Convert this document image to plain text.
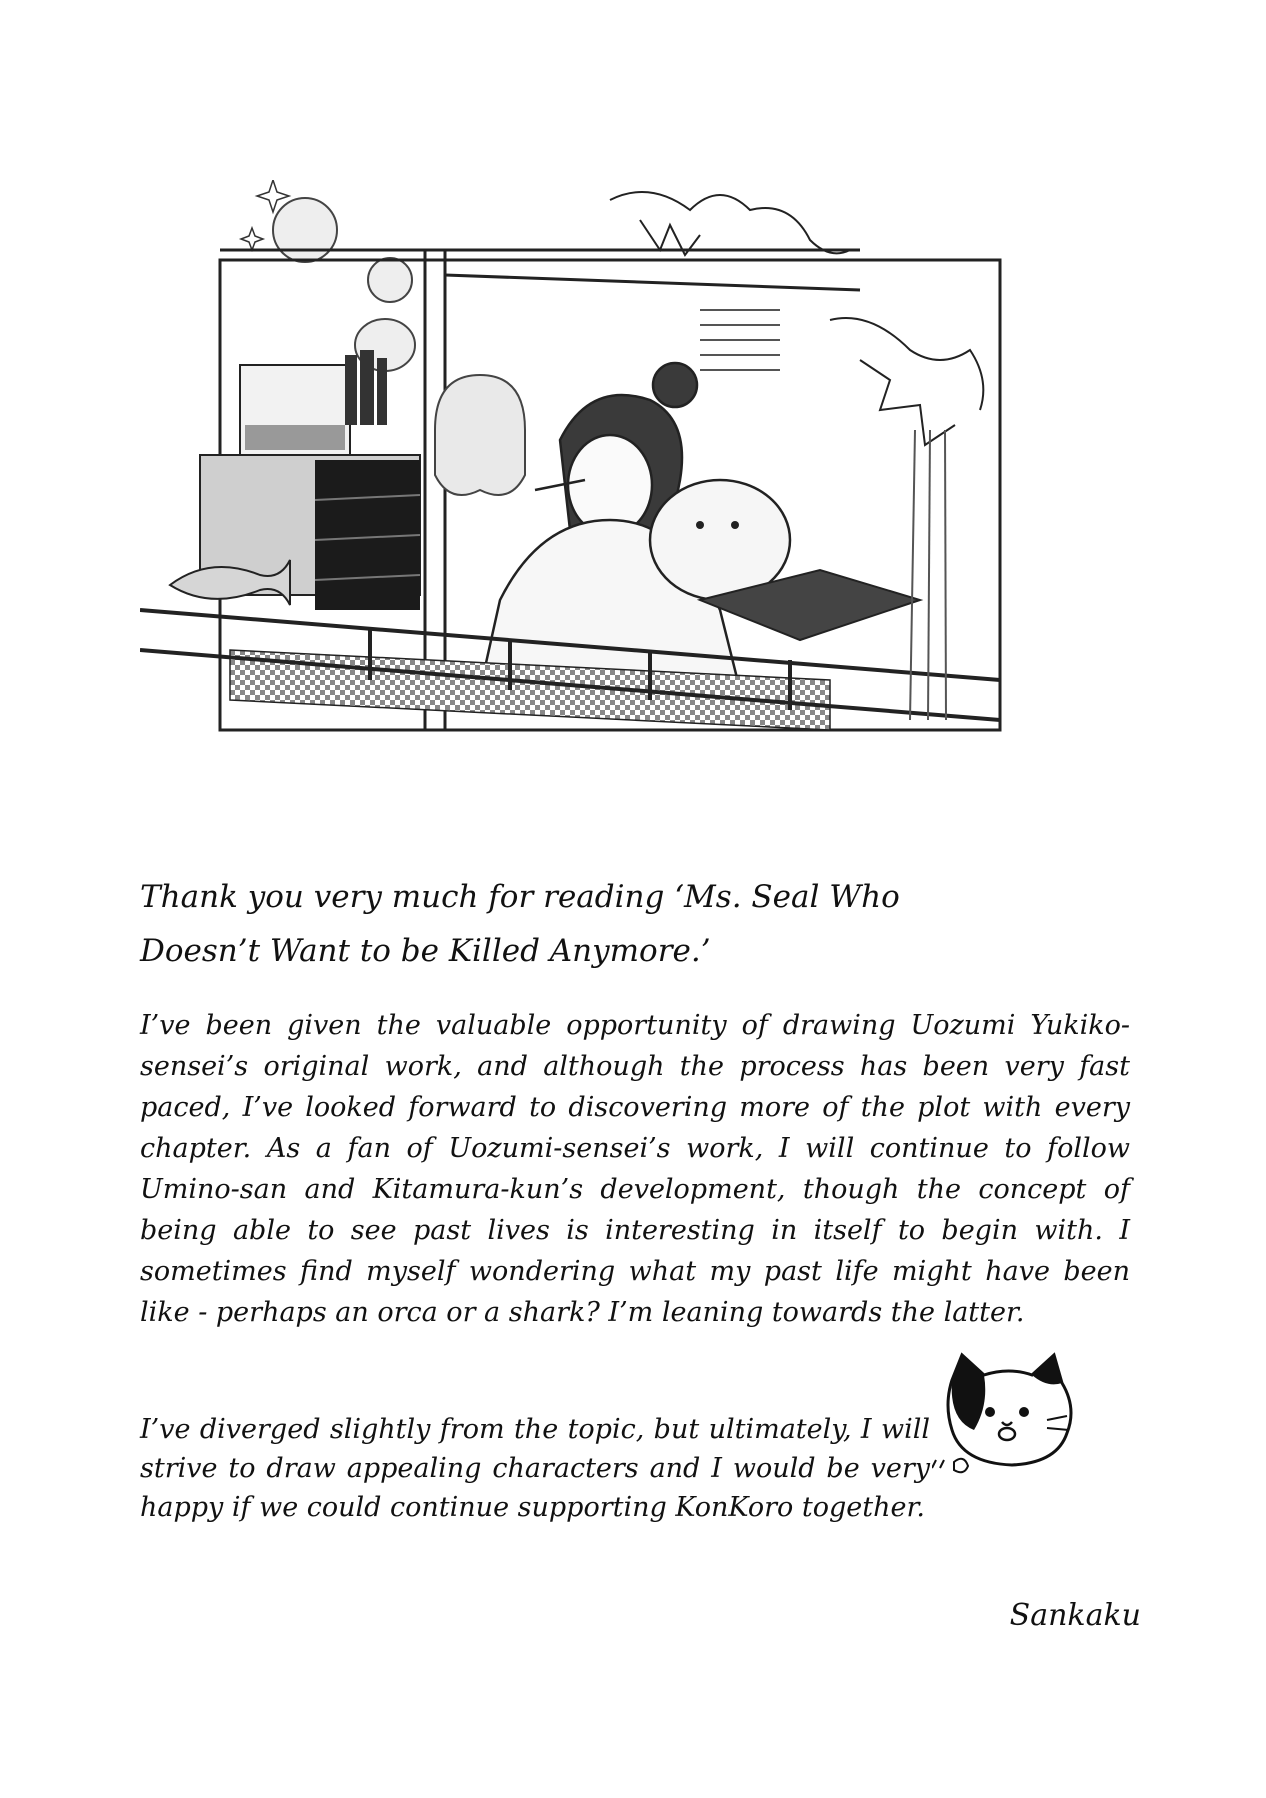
Thank you very much for reading ‘Ms. Seal Who Doesn’t Want to be Killed Anymore.’

I’ve been given the valuable opportunity of drawing Uozumi Yukiko-sensei’s original work, and although the process has been very fast paced, I’ve looked forward to discovering more of the plot with every chapter. As a fan of Uozumi-sensei’s work, I will continue to follow Umino-san and Kitamura-kun’s development, though the concept of being able to see past lives is interesting in itself to begin with. I sometimes find myself wondering what my past life might have been like - perhaps an orca or a shark? I’m leaning towards the latter.

I’ve diverged slightly from the topic, but ultimately, I will strive to draw appealing characters and I would be very happy if we could continue supporting KonKoro together.

Sankaku
